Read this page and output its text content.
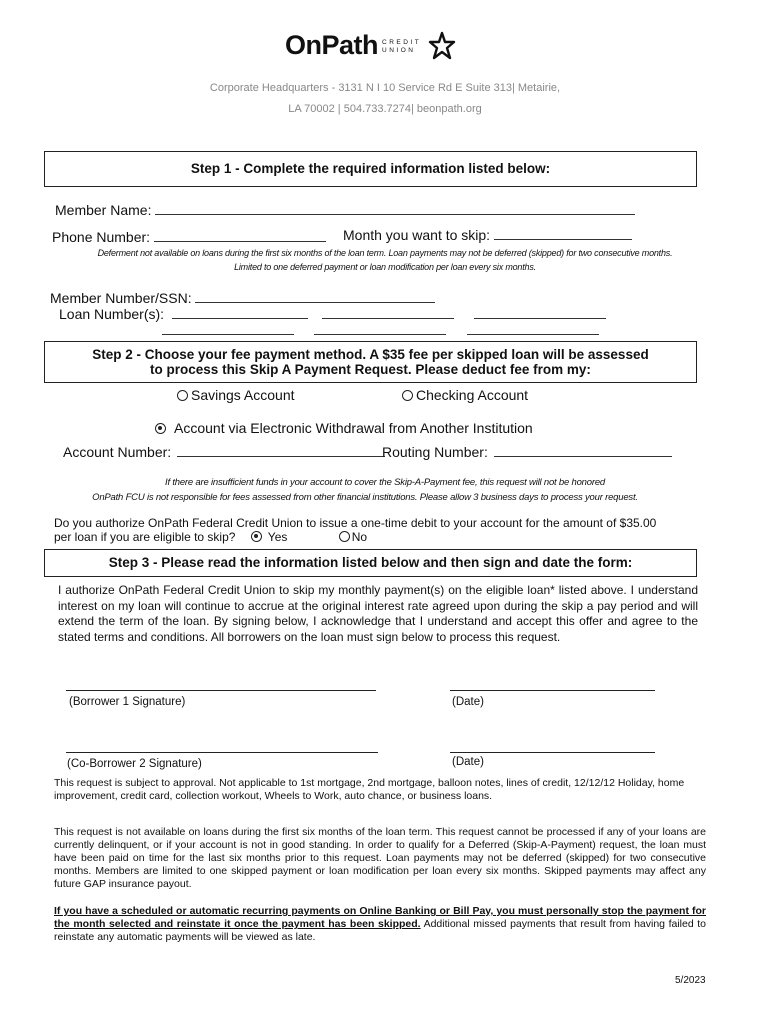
OnPath CREDIT
UNION
Corporate Headquarters - 3131 N I 10 Service Rd E Suite 313| Metairie,
LA 70002 | 504.733.7274| beonpath.org
Step 1 - Complete the required information listed below:
Member Name:
Phone Number:	Month you want to skip:
Deferment not available on loans during the first six months of the loan term. Loan payments may not be deferred (skipped) for two consecutive months.
Limited to one deferred payment or loan modification per loan every six months.
Member Number/SSN:
Loan Number(s):

Step 2 - Choose your fee payment method. A $35 fee per skipped loan will be assessed
to process this Skip A Payment Request. Please deduct fee from my:
Savings Account	Checking Account
Account via Electronic Withdrawal from Another Institution
Account Number:	Routing Number:
If there are insufficient funds in your account to cover the Skip-A-Payment fee, this request will not be honored
OnPath FCU is not responsible for fees assessed from other financial institutions. Please allow 3 business days to process your request.
Do you authorize OnPath Federal Credit Union to issue a one-time debit to your account for the amount of $35.00
per loan if you are eligible to skip?	Yes	No
Step 3 - Please read the information listed below and then sign and date the form:
I authorize OnPath Federal Credit Union to skip my monthly payment(s) on the eligible loan* listed above. I understand interest on my loan will continue to accrue at the original interest rate agreed upon during the skip a pay period and will extend the term of the loan. By signing below, I acknowledge that I understand and accept this offer and agree to the stated terms and conditions. All borrowers on the loan must sign below to process this request.
(Borrower 1 Signature)	(Date)
(Co-Borrower 2 Signature)	(Date)
This request is subject to approval. Not applicable to 1st mortgage, 2nd mortgage, balloon notes, lines of credit, 12/12/12 Holiday, home improvement, credit card, collection workout, Wheels to Work, auto chance, or business loans.
This request is not available on loans during the first six months of the loan term. This request cannot be processed if any of your loans are currently delinquent, or if your account is not in good standing. In order to qualify for a Deferred (Skip-A-Payment) request, the loan must have been paid on time for the last six months prior to this request. Loan payments may not be deferred (skipped) for two consecutive months. Members are limited to one skipped payment or loan modification per loan every six months. Skipped payments may affect any future GAP insurance payout.
If you have a scheduled or automatic recurring payments on Online Banking or Bill Pay, you must personally stop the payment for the month selected and reinstate it once the payment has been skipped. Additional missed payments that result from having failed to reinstate any automatic payments will be viewed as late.
5/2023
